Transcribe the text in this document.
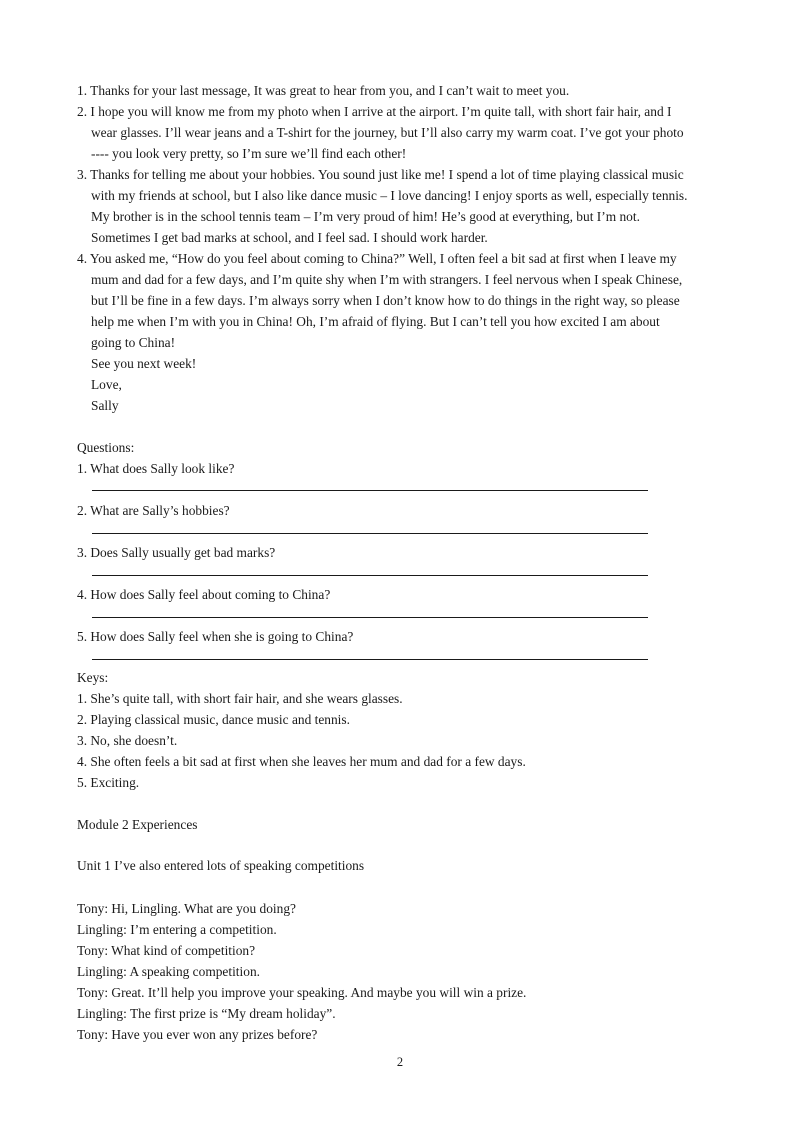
1. Thanks for your last message, It was great to hear from you, and I can’t wait to meet you.
2. I hope you will know me from my photo when I arrive at the airport. I’m quite tall, with short fair hair, and I
wear glasses. I’ll wear jeans and a T-shirt for the journey, but I’ll also carry my warm coat. I’ve got your photo
---- you look very pretty, so I’m sure we’ll find each other!
3. Thanks for telling me about your hobbies. You sound just like me! I spend a lot of time playing classical music
with my friends at school, but I also like dance music – I love dancing! I enjoy sports as well, especially tennis.
My brother is in the school tennis team – I’m very proud of him! He’s good at everything, but I’m not.
Sometimes I get bad marks at school, and I feel sad. I should work harder.
4. You asked me, “How do you feel about coming to China?” Well, I often feel a bit sad at first when I leave my
mum and dad for a few days, and I’m quite shy when I’m with strangers. I feel nervous when I speak Chinese,
but I’ll be fine in a few days. I’m always sorry when I don’t know how to do things in the right way, so please
help me when I’m with you in China! Oh, I’m afraid of flying. But I can’t tell you how excited I am about
going to China!
See you next week!
Love,
Sally
Questions:
1. What does Sally look like?
2. What are Sally’s hobbies?
3. Does Sally usually get bad marks?
4. How does Sally feel about coming to China?
5. How does Sally feel when she is going to China?
Keys:
1. She’s quite tall, with short fair hair, and she wears glasses.
2. Playing classical music, dance music and tennis.
3. No, she doesn’t.
4. She often feels a bit sad at first when she leaves her mum and dad for a few days.
5. Exciting.
Module 2 Experiences
Unit 1 I’ve also entered lots of speaking competitions
Tony: Hi, Lingling. What are you doing?
Lingling: I’m entering a competition.
Tony: What kind of competition?
Lingling: A speaking competition.
Tony: Great. It’ll help you improve your speaking. And maybe you will win a prize.
Lingling: The first prize is “My dream holiday”.
Tony: Have you ever won any prizes before?
2
